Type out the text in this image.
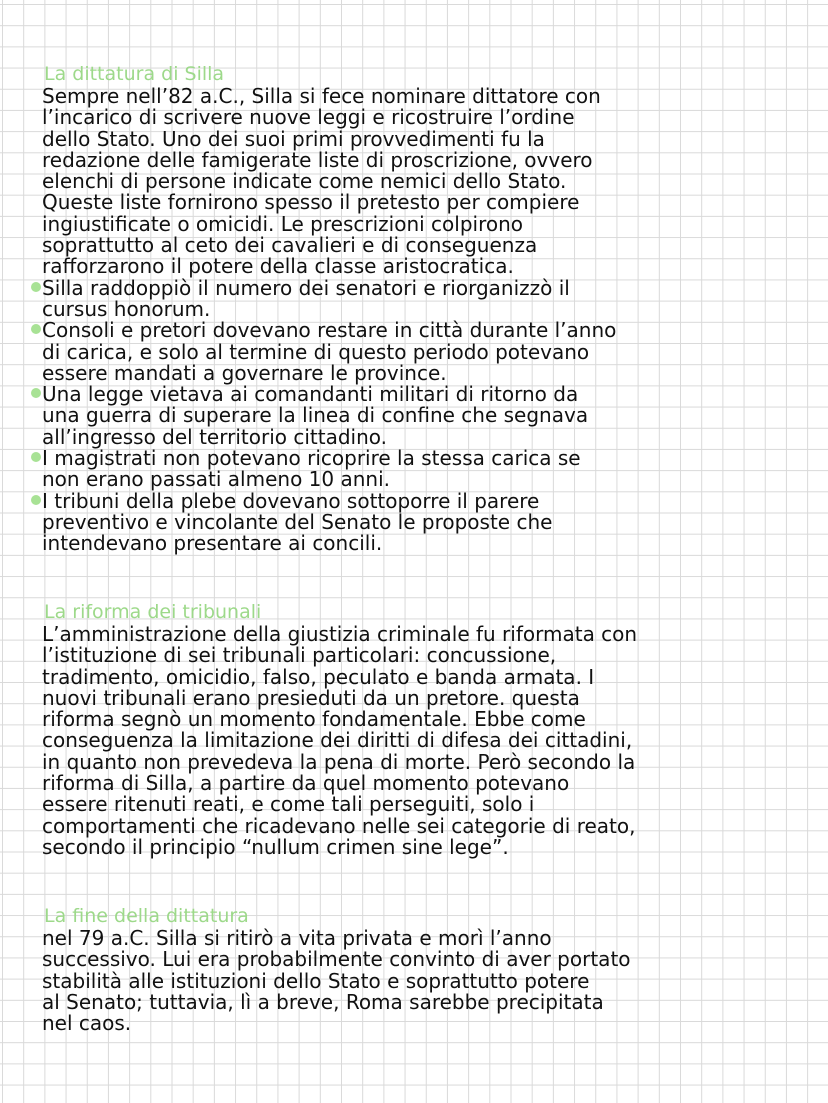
La dittatura di Silla

Sempre nell’82 a.C., Silla si fece nominare dittatore con
l’incarico di scrivere nuove leggi e ricostruire l’ordine
dello Stato. Uno dei suoi primi provvedimenti fu la
redazione delle famigerate liste di proscrizione, ovvero
elenchi di persone indicate come nemici dello Stato.
Queste liste fornirono spesso il pretesto per compiere
ingiustificate o omicidi. Le prescrizioni colpirono
soprattutto al ceto dei cavalieri e di conseguenza
rafforzarono il potere della classe aristocratica.

Silla raddoppiò il numero dei senatori e riorganizzò il
cursus honorum.
Consoli e pretori dovevano restare in città durante l’anno
di carica, e solo al termine di questo periodo potevano
essere mandati a governare le province.
Una legge vietava ai comandanti militari di ritorno da
una guerra di superare la linea di confine che segnava
all’ingresso del territorio cittadino.
I magistrati non potevano ricoprire la stessa carica se
non erano passati almeno 10 anni.
I tribuni della plebe dovevano sottoporre il parere
preventivo e vincolante del Senato le proposte che
intendevano presentare ai concili.
La riforma dei tribunali

L’amministrazione della giustizia criminale fu riformata con
l’istituzione di sei tribunali particolari: concussione,
tradimento, omicidio, falso, peculato e banda armata. I
nuovi tribunali erano presieduti da un pretore. questa
riforma segnò un momento fondamentale. Ebbe come
conseguenza la limitazione dei diritti di difesa dei cittadini,
in quanto non prevedeva la pena di morte. Però secondo la
riforma di Silla, a partire da quel momento potevano
essere ritenuti reati, e come tali perseguiti, solo i
comportamenti che ricadevano nelle sei categorie di reato,
secondo il principio “nullum crimen sine lege”.

La fine della dittatura

nel 79 a.C. Silla si ritirò a vita privata e morì l’anno
successivo. Lui era probabilmente convinto di aver portato
stabilità alle istituzioni dello Stato e soprattutto potere
al Senato; tuttavia, lì a breve, Roma sarebbe precipitata
nel caos.
